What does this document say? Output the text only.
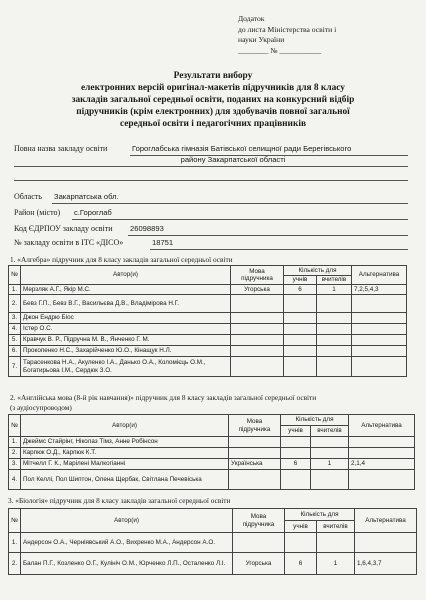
Додаток
до листа Міністерства освіти і
науки України
________ № ___________
Результати вибору
електронних версій оригінал-макетів підручників для 8 класу
закладів загальної середньої освіти, поданих на конкурсний відбір
підручників (крім електронних) для здобувачів повної загальної
середньої освіти і педагогічних працівників
Повна назва закладу освіти	Гороглабська гімназія Батівської селищної ради Берегівського
району Закарпатської області
Область Закарпатська обл.
Район (місто) с.Гороглаб
Код ЄДРПОУ закладу освіти 26098893
№ закладу освіти в ІТС «ДІСО»	18751
1. «Алгебра» підручник для 8 класу закладів загальної середньої освіти
№	Автор(и)	Мова підручника	Кількість для		Альтернатива
			учнів	вчителів	
1.	Мерзляк А.Г., Якір М.С.	Угорська	6	1	7,2,5,4,3
2.	Бевз Г.П., Бевз В.Г., Васильєва Д.В., Владімірова Н.Г.				
3.	Джон Ендрю Біос				
4.	Істер О.С.				
5.	Кравчук В. Р., Підручна М. В., Янченко Г. М.				
6.	Прокопенко Н.С., Захарійченко Ю.О., Кінащук Н.Л.				
7.	Тарасенкова Н.А., Акуленко І.А., Данько О.А., Коломієць О.М., Богатирьова І.М., Сердюк З.О.				
2. «Англійська мова (8-й рік навчання)» підручник для 8 класу закладів загальної середньої освіти
(з аудіосупроводом)
№	Автор(и)	Мова підручника	Кількість для		Альтернатива
			учнів	вчителів	
1.	Джеймс Стайрінг, Ніколаз Тімз, Анне Робінсон				
2.	Карпюк О.Д., Карпюк К.Т.				
3.	Мітчелл Г. К., Марілені Малкогіанні	Українська	6	1	2,1,4
4.	Пол Келлі, Пол Шиптон, Олена Щербак, Світлана Печевіська				
3. «Біологія» підручник для 8 класу закладів загальної середньої освіти
№	Автор(и)	Мова підручника	Кількість для		Альтернатива
			учнів	вчителів	
1.	Андерсон О.А., Черніявський А.О., Вихренко М.А., Андерсон А.О.				
2.	Балан П.Г., Козленко О.Г., Кулініч О.М., Юрченко Л.П., Осталенко Л.І.	Угорська	6	1	1,6,4,3,7
